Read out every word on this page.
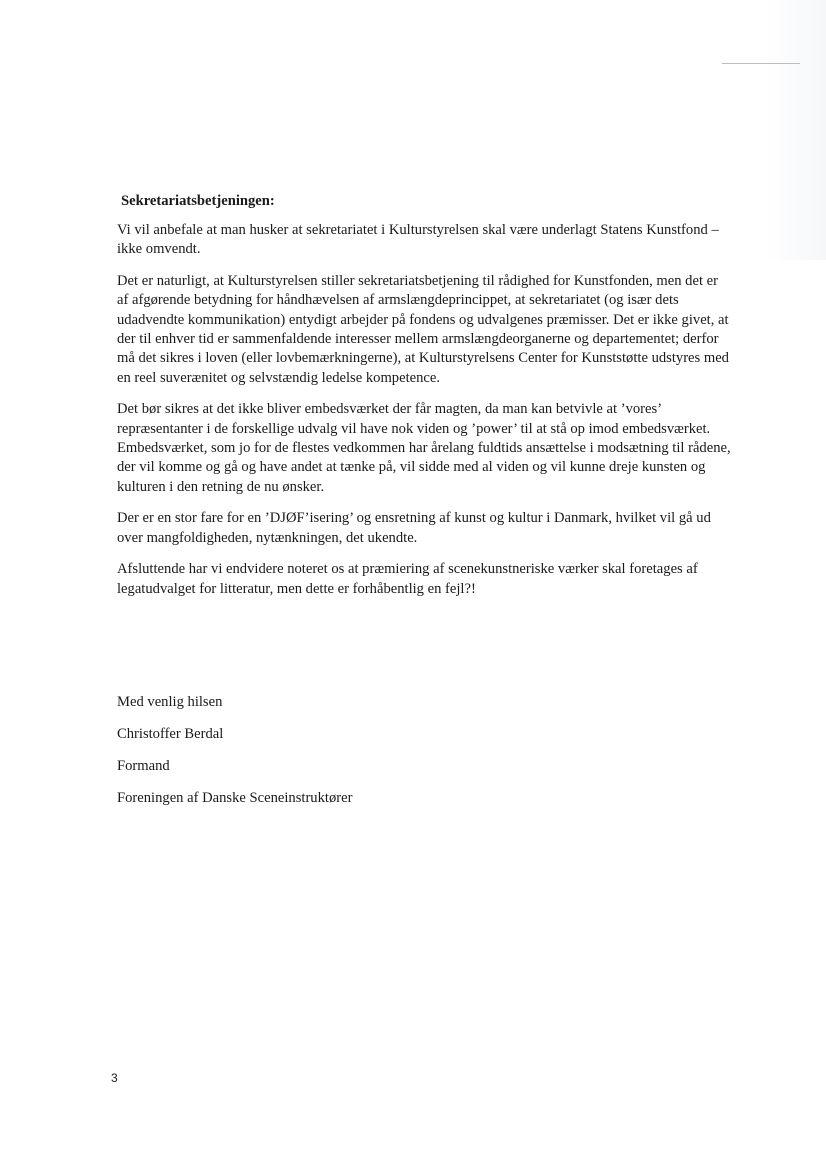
Sekretariatsbetjeningen:

Vi vil anbefale at man husker at sekretariatet i Kulturstyrelsen skal være underlagt Statens Kunstfond – ikke omvendt.

Det er naturligt, at Kulturstyrelsen stiller sekretariatsbetjening til rådighed for Kunstfonden, men det er af afgørende betydning for håndhævelsen af armslængdeprincippet, at sekretariatet (og især dets udadvendte kommunikation) entydigt arbejder på fondens og udvalgenes præmisser. Det er ikke givet, at der til enhver tid er sammenfaldende interesser mellem armslængdeorganerne og departementet; derfor må det sikres i loven (eller lovbemærkningerne), at Kulturstyrelsens Center for Kunststøtte udstyres med en reel suverænitet og selvstændig ledelse kompetence.

Det bør sikres at det ikke bliver embedsværket der får magten, da man kan betvivle at ’vores’ repræsentanter i de forskellige udvalg vil have nok viden og ’power’ til at stå op imod embedsværket. Embedsværket, som jo for de flestes vedkommen har årelang fuldtids ansættelse i modsætning til rådene, der vil komme og gå og have andet at tænke på, vil sidde med al viden og vil kunne dreje kunsten og kulturen i den retning de nu ønsker.

Der er en stor fare for en ’DJØF’isering’ og ensretning af kunst og kultur i Danmark, hvilket vil gå ud over mangfoldigheden, nytænkningen, det ukendte.

Afsluttende har vi endvidere noteret os at præmiering af scenekunstneriske værker skal foretages af legatudvalget for litteratur, men dette er forhåbentlig en fejl?!

Med venlig hilsen
Christoffer Berdal
Formand
Foreningen af Danske Sceneinstruktører
3
